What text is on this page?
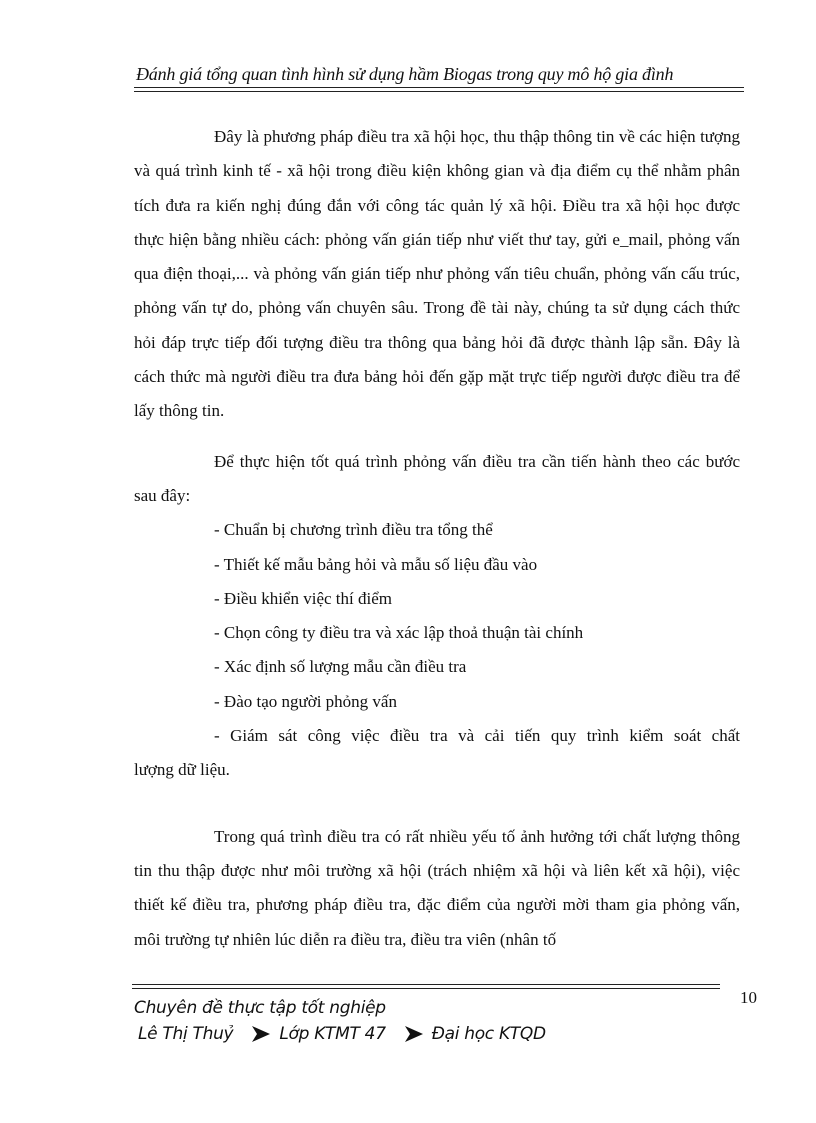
Đánh giá tổng quan tình hình sử dụng hầm Biogas trong quy mô hộ gia đình

Đây là phương pháp điều tra xã hội học, thu thập thông tin về các hiện tượng và quá trình kinh tế - xã hội trong điều kiện không gian và địa điểm cụ thể nhằm phân tích đưa ra kiến nghị đúng đắn với công tác quản lý xã hội. Điều tra xã hội học được thực hiện bằng nhiều cách: phỏng vấn gián tiếp như viết thư tay, gửi e_mail, phỏng vấn qua điện thoại,... và phỏng vấn gián tiếp như phỏng vấn tiêu chuẩn, phỏng vấn cấu trúc, phỏng vấn tự do, phỏng vấn chuyên sâu. Trong đề tài này, chúng ta sử dụng cách thức hỏi đáp trực tiếp đối tượng điều tra thông qua bảng hỏi đã được thành lập sẵn. Đây là cách thức mà người điều tra đưa bảng hỏi đến gặp mặt trực tiếp người được điều tra để lấy thông tin.

Để thực hiện tốt quá trình phỏng vấn điều tra cần tiến hành theo các bước sau đây:

- Chuẩn bị chương trình điều tra tổng thể
- Thiết kế mẫu bảng hỏi và mẫu số liệu đầu vào
- Điều khiển việc thí điểm
- Chọn công ty điều tra và xác lập thoả thuận tài chính
- Xác định số lượng mẫu cần điều tra
- Đào tạo người phỏng vấn
- Giám sát công việc điều tra và cải tiến quy trình kiểm soát chất
lượng dữ liệu.

Trong quá trình điều tra có rất nhiều yếu tố ảnh hưởng tới chất lượng thông tin thu thập được như môi trường xã hội (trách nhiệm xã hội và liên kết xã hội), việc thiết kế điều tra, phương pháp điều tra, đặc điểm của người mời tham gia phỏng vấn, môi trường tự nhiên lúc diễn ra điều tra, điều tra viên (nhân tố

10
Chuyên đề thực tập tốt nghiệp
Lê Thị Thuỷ	Lớp KTMT 47	Đại học KTQD
